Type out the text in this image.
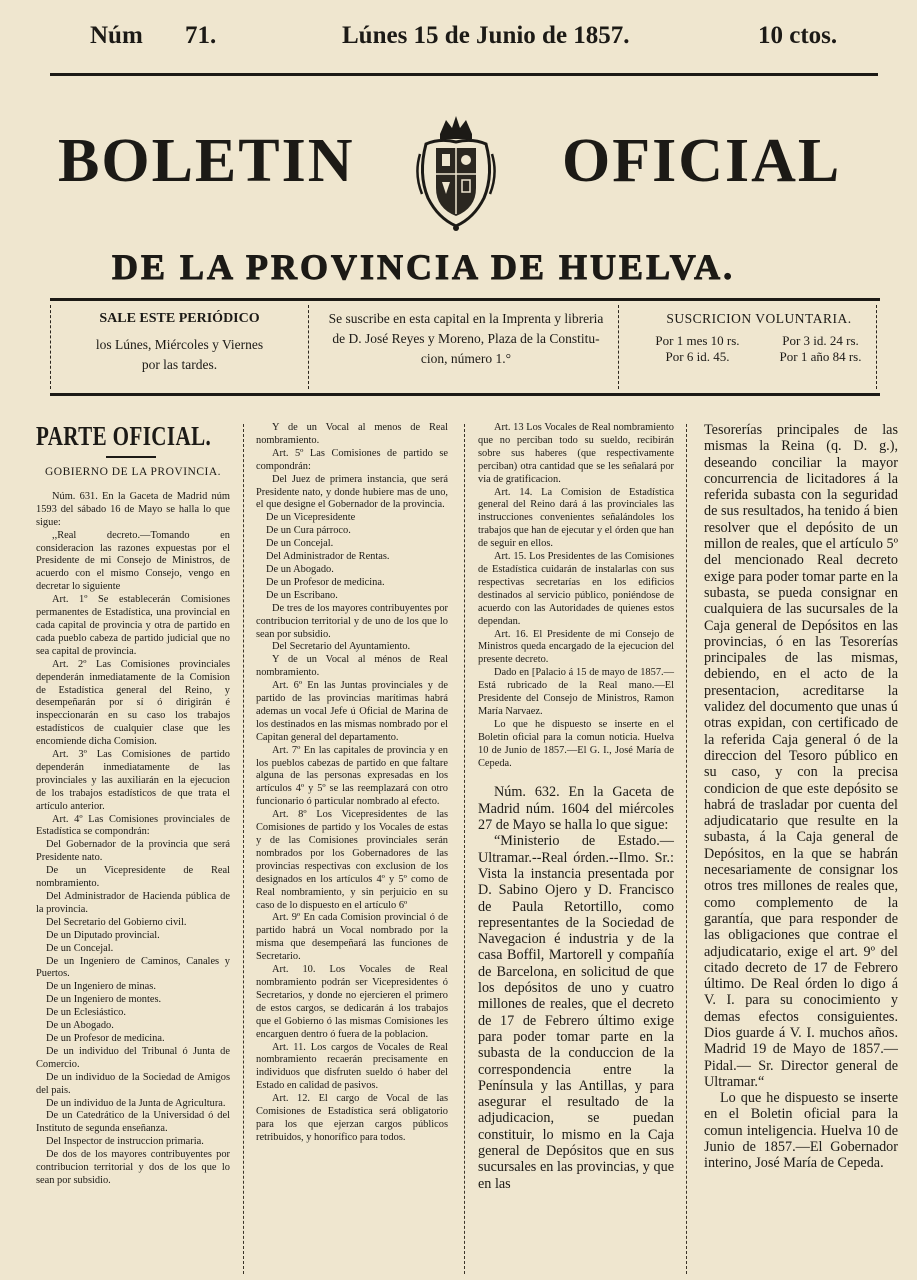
Núm 71.	Lúnes 15 de Junio de 1857.	10 ctos.
BOLETIN	OFICIAL
DE LA PROVINCIA DE HUELVA.
SALE ESTE PERIÓDICO
los Lúnes, Miércoles y Viernes
por las tardes.
Se suscribe en esta capital en la Imprenta y libreria
de D. José Reyes y Moreno, Plaza de la Constitu-
cion, número 1.°
SUSCRICION VOLUNTARIA.
Por 1 mes 10 rs.	Por 3 id. 24 rs.
Por 6 id. 45.	Por 1 año 84 rs.
PARTE OFICIAL.
GOBIERNO DE LA PROVINCIA.

Núm. 631. En la Gaceta de Madrid núm 1593 del sábado 16 de Mayo se halla lo que sigue:

,,Real decreto.—Tomando en consideracion las razones expuestas por el Presidente de mi Consejo de Ministros, de acuerdo con el mismo Consejo, vengo en decretar lo siguiente

Art. 1º Se establecerán Comisiones permanentes de Estadística, una provincial en cada capital de provincia y otra de partido en cada pueblo cabeza de partido judicial que no sea capital de provincia.

Art. 2º Las Comisiones provinciales dependerán inmediatamente de la Comision de Estadística general del Reino, y desempeñarán por sí ó dirigirán é inspeccionarán en su caso los trabajos estadísticos de cualquier clase que les encomiende dicha Comision.

Art. 3º Las Comisiones de partido dependerán inmediatamente de las provinciales y las auxiliarán en la ejecucion de los trabajos estadísticos de que trata el artículo anterior.

Art. 4º Las Comisiones provinciales de Estadística se compondrán:

Del Gobernador de la provincia que será Presidente nato.

De un Vicepresidente de Real nombramiento.

Del Administrador de Hacienda pública de la provincia.

Del Secretario del Gobierno civil.

De un Diputado provincial.

De un Concejal.

De un Ingeniero de Caminos, Canales y Puertos.

De un Ingeniero de minas.

De un Ingeniero de montes.

De un Eclesiástico.

De un Abogado.

De un Profesor de medicina.

De un individuo del Tribunal ó Junta de Comercio.

De un individuo de la Sociedad de Amigos del pais.

De un individuo de la Junta de Agricultura.

De un Catedrático de la Universidad ó del Instituto de segunda enseñanza.

Del Inspector de instruccion primaria.

De dos de los mayores contribuyentes por contribucion territorial y dos de los que lo sean por subsidio.

Y de un Vocal al menos de Real nombramiento.

Art. 5º Las Comisiones de partido se compondrán:

Del Juez de primera instancia, que será Presidente nato, y donde hubiere mas de uno, el que designe el Gobernador de la provincia.

De un Vicepresidente

De un Cura párroco.

De un Concejal.

Del Administrador de Rentas.

De un Abogado.

De un Profesor de medicina.

De un Escribano.

De tres de los mayores contribuyentes por contribucion territorial y de uno de los que lo sean por subsidio.

Del Secretario del Ayuntamiento.

Y de un Vocal al ménos de Real nombramiento.

Art. 6º En las Juntas provinciales y de partido de las provincias marítimas habrá ademas un vocal Jefe ú Oficial de Marina de los destinados en las mismas nombrado por el Capitan general del departamento.

Art. 7º En las capitales de provincia y en los pueblos cabezas de partido en que faltare alguna de las personas expresadas en los artículos 4º y 5º se las reemplazará con otro funcionario ó particular nombrado al efecto.

Art. 8º Los Vicepresidentes de las Comisiones de partido y los Vocales de estas y de las Comisiones provinciales serán nombrados por los Gobernadores de las provincias respectivas con exclusion de los designados en los artículos 4º y 5º como de Real nombramiento, y sin perjuicio en su caso de lo dispuesto en el artículo 6º

Art. 9º En cada Comision provincial ó de partido habrá un Vocal nombrado por la misma que desempeñará las funciones de Secretario.

Art. 10. Los Vocales de Real nombramiento podrán ser Vicepresidentes ó Secretarios, y donde no ejercieren el primero de estos cargos, se dedicarán á los trabajos que el Gobierno ó las mismas Comisiones les encarguen dentro ó fuera de la poblacion.

Art. 11. Los cargos de Vocales de Real nombramiento recaerán precisamente en individuos que disfruten sueldo ó haber del Estado en calidad de pasivos.

Art. 12. El cargo de Vocal de las Comisiones de Estadística será obligatorio para los que ejerzan cargos públicos retribuidos, y honorífico para todos.

Art. 13 Los Vocales de Real nombramiento que no perciban todo su sueldo, recibirán sobre sus haberes (que respectivamente perciban) otra cantidad que se les señalará por via de gratificacion.

Art. 14. La Comision de Estadística general del Reino dará á las provinciales las instrucciones convenientes señalándoles los trabajos que han de ejecutar y el órden que han de seguir en ellos.

Art. 15. Los Presidentes de las Comisiones de Estadística cuidarán de instalarlas con sus respectivas secretarías en los edificios destinados al servicio público, poniéndose de acuerdo con las Autoridades de quienes estos dependan.

Art. 16. El Presidente de mi Consejo de Ministros queda encargado de la ejecucion del presente decreto.

Dado en [Palacio á 15 de mayo de 1857.—Está rubricado de la Real mano.—El Presidente del Consejo de Ministros, Ramon María Narvaez.

Lo que he dispuesto se inserte en el Boletin oficial para la comun noticia. Huelva 10 de Junio de 1857.—El G. I., José María de Cepeda.

Núm. 632. En la Gaceta de Madrid núm. 1604 del miércoles 27 de Mayo se halla lo que sigue:

“Ministerio de Estado.— Ultramar.--Real órden.--Ilmo. Sr.: Vista la instancia presentada por D. Sabino Ojero y D. Francisco de Paula Retortillo, como representantes de la Sociedad de Navegacion é industria y de la casa Boffil, Martorell y compañía de Barcelona, en solicitud de que los depósitos de uno y cuatro millones de reales, que el decreto de 17 de Febrero último exige para poder tomar parte en la subasta de la conduccion de la correspondencia entre la Península y las Antillas, y para asegurar el resultado de la adjudicacion, se puedan constituir, lo mismo en la Caja general de Depósitos que en sus sucursales en las provincias, y que en las

Tesorerías principales de las mismas la Reina (q. D. g.), deseando conciliar la mayor concurrencia de licitadores á la referida subasta con la seguridad de sus resultados, ha tenido á bien resolver que el depósito de un millon de reales, que el artículo 5º del mencionado Real decreto exige para poder tomar parte en la subasta, se pueda consignar en cualquiera de las sucursales de la Caja general de Depósitos en las provincias, ó en las Tesorerías principales de las mismas, debiendo, en el acto de la presentacion, acreditarse la validez del documento que unas ú otras expidan, con certificado de la referida Caja general ó de la direccion del Tesoro público en su caso, y con la precisa condicion de que este depósito se habrá de trasladar por cuenta del adjudicatario que resulte en la subasta, á la Caja general de Depósitos, en la que se habrán necesariamente de consignar los otros tres millones de reales que, como complemento de la garantía, que para responder de las obligaciones que contrae el adjudicatario, exige el art. 9º del citado decreto de 17 de Febrero último. De Real órden lo digo á V. I. para su conocimiento y demas efectos consiguientes. Dios guarde á V. I. muchos años. Madrid 19 de Mayo de 1857.—Pidal.— Sr. Director general de Ultramar.“

Lo que he dispuesto se inserte en el Boletin oficial para la comun inteligencia. Huelva 10 de Junio de 1857.—El Gobernador interino, José María de Cepeda.
